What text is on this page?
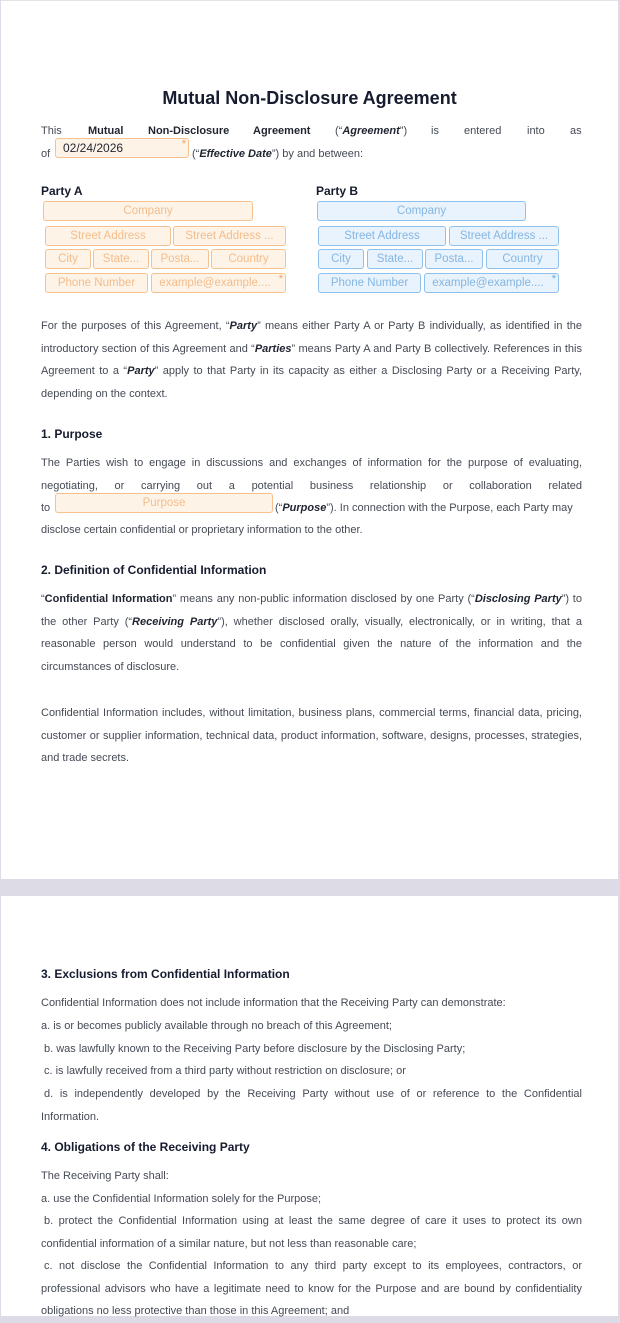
Mutual Non-Disclosure Agreement
This Mutual Non-Disclosure Agreement (“Agreement”) is entered into as
of	02/24/2026	*
(“Effective Date”) by and between:
Party A
Company
Street Address	Street Address ...
City	State...	Posta...	Country
Phone Number	example@example.... *
Party B
Company
Street Address	Street Address ...
City	State...	Posta...	Country
Phone Number	example@example.... *
For the purposes of this Agreement, “Party” means either Party A or Party B individually, as identified in the introductory section of this Agreement and “Parties” means Party A and Party B collectively. References in this Agreement to a “Party” apply to that Party in its capacity as either a Disclosing Party or a Receiving Party, depending on the context.
1. Purpose
The Parties wish to engage in discussions and exchanges of information for the purpose of evaluating, negotiating, or carrying out a potential business relationship or collaboration related
to	Purpose	(“Purpose”). In connection with the Purpose, each Party may
disclose certain confidential or proprietary information to the other.
2. Definition of Confidential Information
“Confidential Information” means any non-public information disclosed by one Party (“Disclosing Party”) to the other Party (“Receiving Party”), whether disclosed orally, visually, electronically, or in writing, that a reasonable person would understand to be confidential given the nature of the information and the circumstances of disclosure.
Confidential Information includes, without limitation, business plans, commercial terms, financial data, pricing, customer or supplier information, technical data, product information, software, designs, processes, strategies, and trade secrets.
3. Exclusions from Confidential Information
Confidential Information does not include information that the Receiving Party can demonstrate:
a. is or becomes publicly available through no breach of this Agreement;
b. was lawfully known to the Receiving Party before disclosure by the Disclosing Party;
c. is lawfully received from a third party without restriction on disclosure; or
d. is independently developed by the Receiving Party without use of or reference to the Confidential Information.
4. Obligations of the Receiving Party
The Receiving Party shall:
a. use the Confidential Information solely for the Purpose;
b. protect the Confidential Information using at least the same degree of care it uses to protect its own confidential information of a similar nature, but not less than reasonable care;
c. not disclose the Confidential Information to any third party except to its employees, contractors, or professional advisors who have a legitimate need to know for the Purpose and are bound by confidentiality obligations no less protective than those in this Agreement; and
